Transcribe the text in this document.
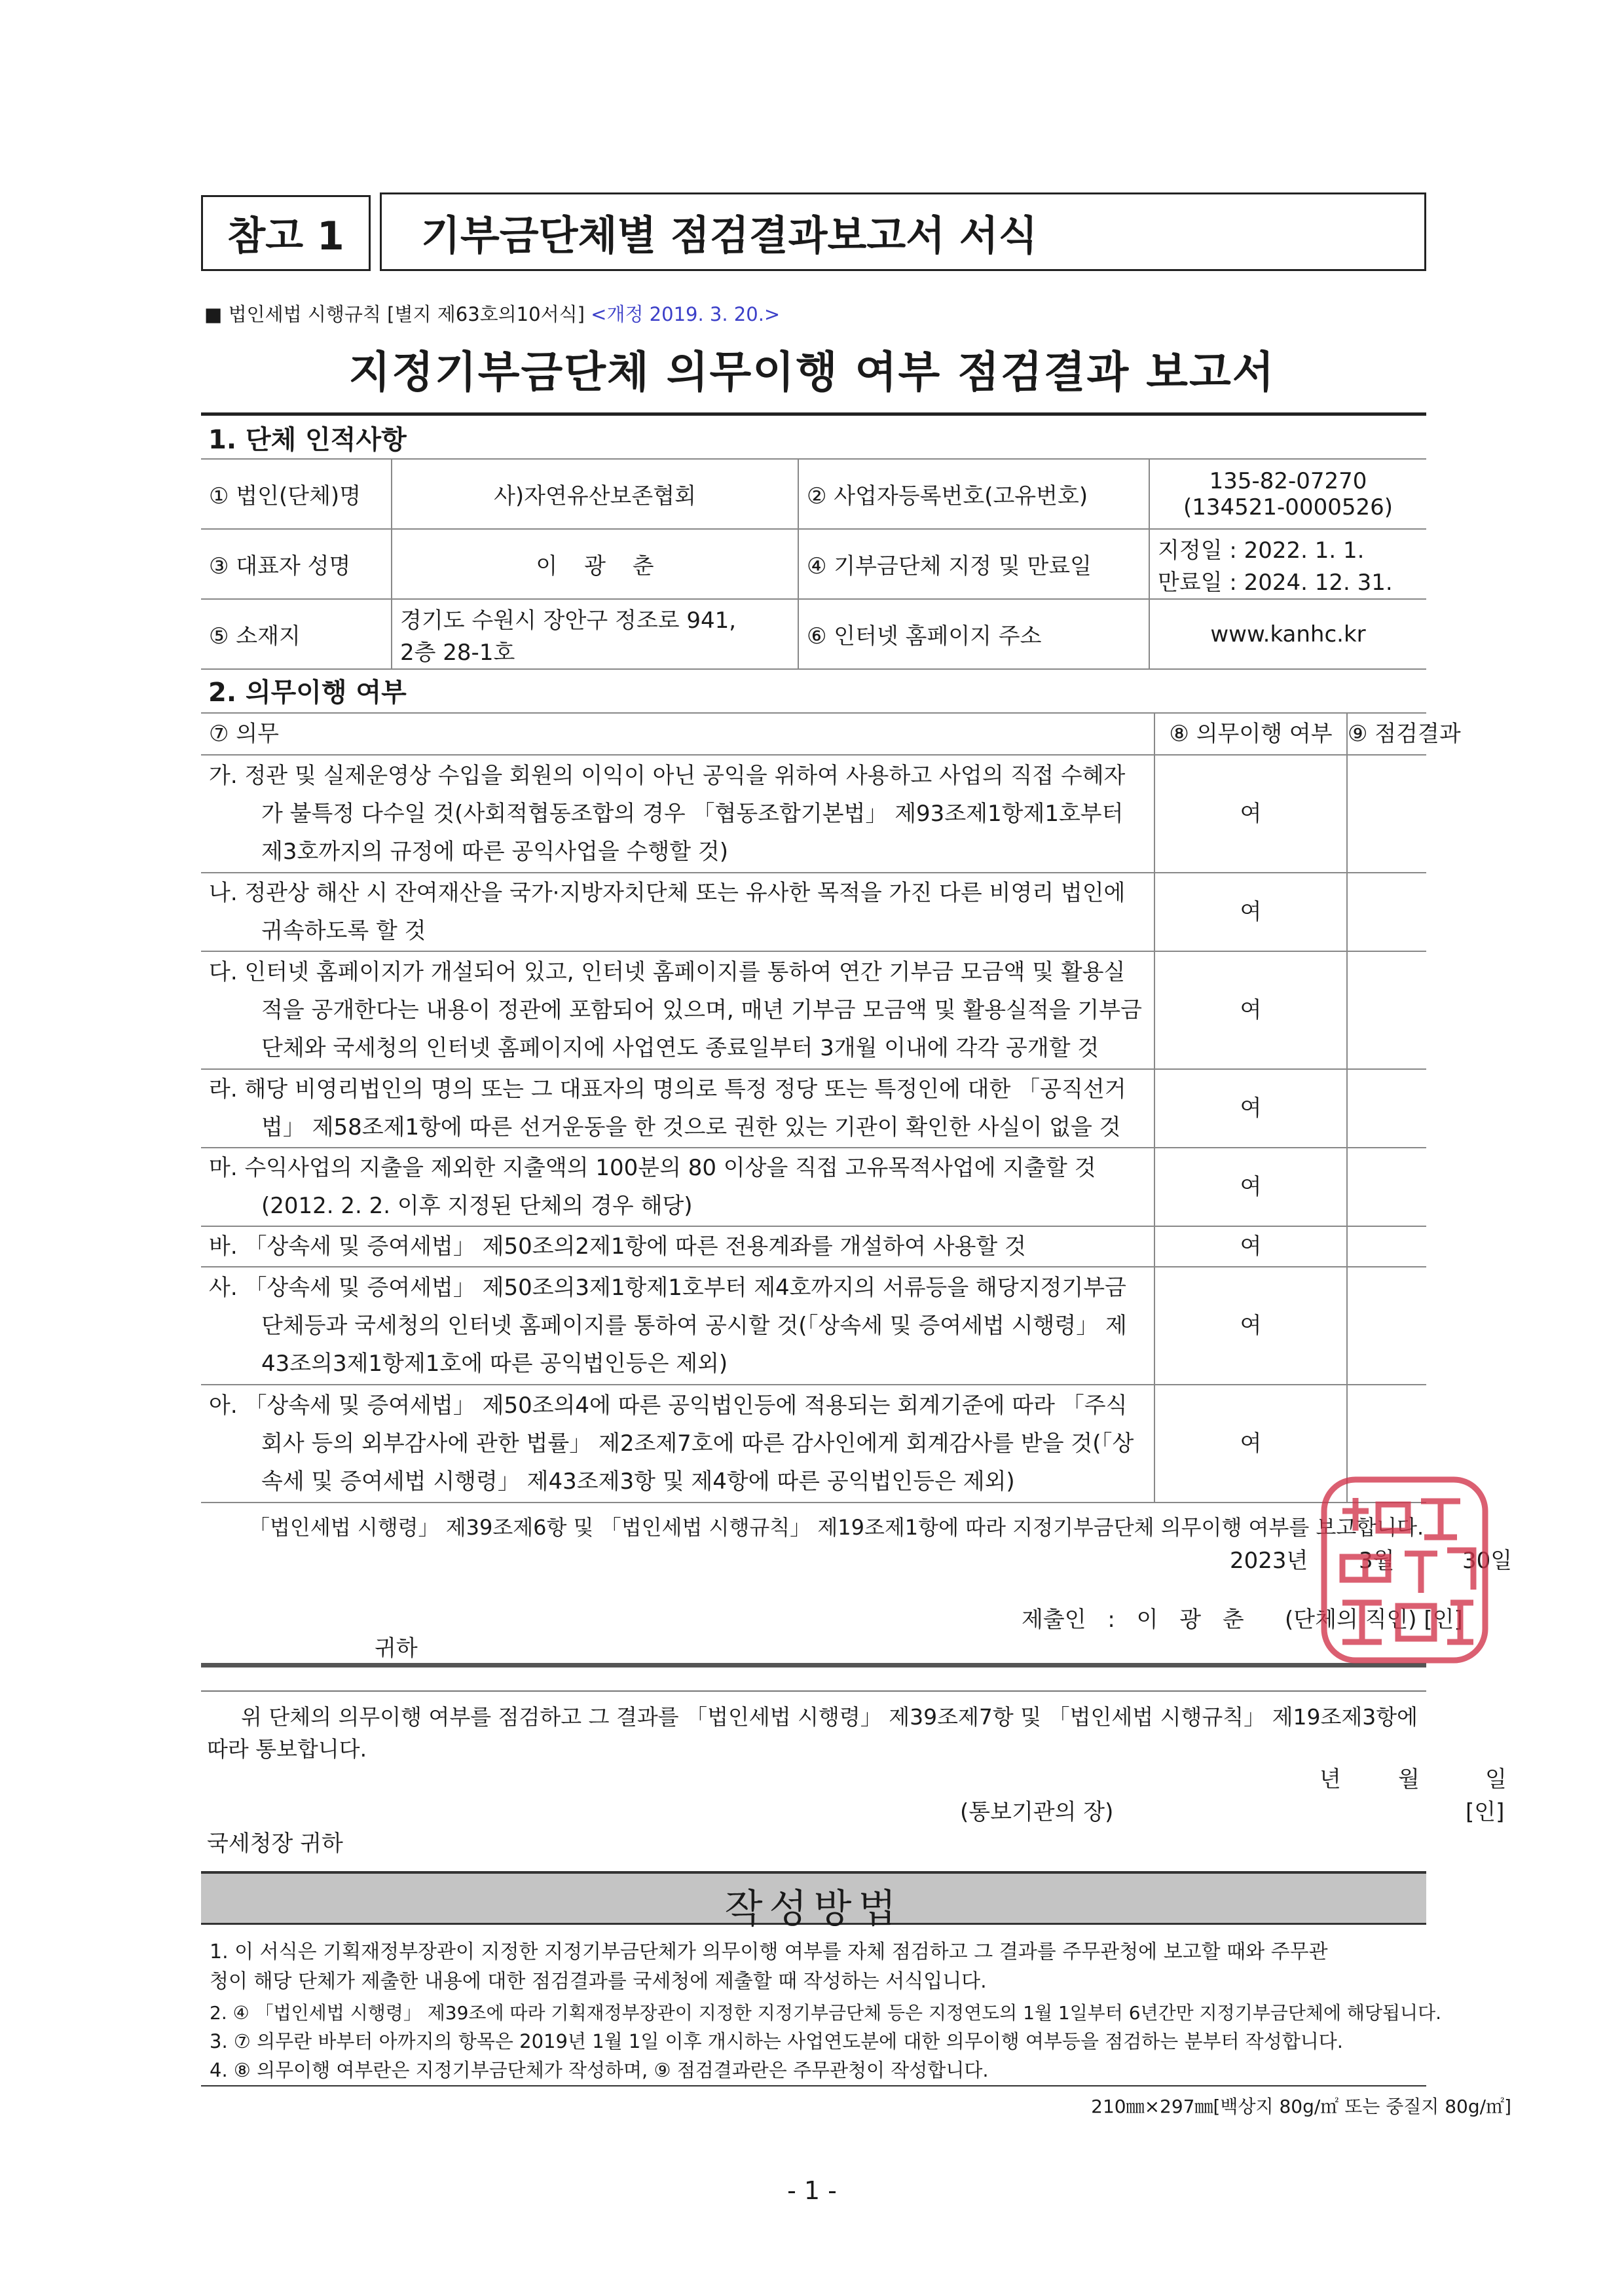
참고 1 기부금단체별 점검결과보고서 서식
■ 법인세법 시행규칙 [별지 제63호의10서식] <개정 2019. 3. 20.>
지정기부금단체 의무이행 여부 점검결과 보고서
1. 단체 인적사항
① 법인(단체)명	사)자연유산보존협회	② 사업자등록번호(고유번호)	135-82-07270
(134521-0000526)

③ 대표자 성명	이 광 춘	④ 기부금단체 지정 및 만료일	지정일 : 2022. 1. 1.
만료일 : 2024. 12. 31.

⑤ 소재지	경기도 수원시 장안구 정조로 941,
2층 28-1호	⑥ 인터넷 홈페이지 주소	www.kanhc.kr
2. 의무이행 여부
⑦ 의무	⑧ 의무이행 여부	⑨ 점검결과
가. 정관 및 실제운영상 수입을 회원의 이익이 아닌 공익을 위하여 사용하고 사업의 직접 수혜자가 불특정 다수일 것(사회적협동조합의 경우 「협동조합기본법」 제93조제1항제1호부터 제3호까지의 규정에 따른 공익사업을 수행할 것)	여	
나. 정관상 해산 시 잔여재산을 국가·지방자치단체 또는 유사한 목적을 가진 다른 비영리 법인에 귀속하도록 할 것	여	
다. 인터넷 홈페이지가 개설되어 있고, 인터넷 홈페이지를 통하여 연간 기부금 모금액 및 활용실적을 공개한다는 내용이 정관에 포함되어 있으며, 매년 기부금 모금액 및 활용실적을 기부금단체와 국세청의 인터넷 홈페이지에 사업연도 종료일부터 3개월 이내에 각각 공개할 것	여	
라. 해당 비영리법인의 명의 또는 그 대표자의 명의로 특정 정당 또는 특정인에 대한 「공직선거법」 제58조제1항에 따른 선거운동을 한 것으로 권한 있는 기관이 확인한 사실이 없을 것	여	
마. 수익사업의 지출을 제외한 지출액의 100분의 80 이상을 직접 고유목적사업에 지출할 것 (2012. 2. 2. 이후 지정된 단체의 경우 해당)	여	
바. 「상속세 및 증여세법」 제50조의2제1항에 따른 전용계좌를 개설하여 사용할 것	여	
사. 「상속세 및 증여세법」 제50조의3제1항제1호부터 제4호까지의 서류등을 해당지정기부금단체등과 국세청의 인터넷 홈페이지를 통하여 공시할 것(「상속세 및 증여세법 시행령」 제43조의3제1항제1호에 따른 공익법인등은 제외)	여	
아. 「상속세 및 증여세법」 제50조의4에 따른 공익법인등에 적용되는 회계기준에 따라 「주식회사 등의 외부감사에 관한 법률」 제2조제7호에 따른 감사인에게 회계감사를 받을 것(「상속세 및 증여세법 시행령」 제43조제3항 및 제4항에 따른 공익법인등은 제외)	여	
「법인세법 시행령」 제39조제6항 및 「법인세법 시행규칙」 제19조제1항에 따라 지정기부금단체 의무이행 여부를 보고합니다.
2023년 3월	30일
제출인 : 이 광 춘 (단체의 직인) [인]
귀하
위 단체의 의무이행 여부를 점검하고 그 결과를 「법인세법 시행령」 제39조제7항 및 「법인세법 시행규칙」 제19조제3항에
따라 통보합니다.
년	월	일
(통보기관의 장)	[인]
국세청장 귀하
작성방법
1. 이 서식은 기획재정부장관이 지정한 지정기부금단체가 의무이행 여부를 자체 점검하고 그 결과를 주무관청에 보고할 때와 주무관
청이 해당 단체가 제출한 내용에 대한 점검결과를 국세청에 제출할 때 작성하는 서식입니다.
2. ④ 「법인세법 시행령」 제39조에 따라 기획재정부장관이 지정한 지정기부금단체 등은 지정연도의 1월 1일부터 6년간만 지정기부금단체에 해당됩니다.
3. ⑦ 의무란 바부터 아까지의 항목은 2019년 1월 1일 이후 개시하는 사업연도분에 대한 의무이행 여부등을 점검하는 분부터 작성합니다.
4. ⑧ 의무이행 여부란은 지정기부금단체가 작성하며, ⑨ 점검결과란은 주무관청이 작성합니다.
210㎜×297㎜[백상지 80g/㎡ 또는 중질지 80g/㎡]
- 1 -
